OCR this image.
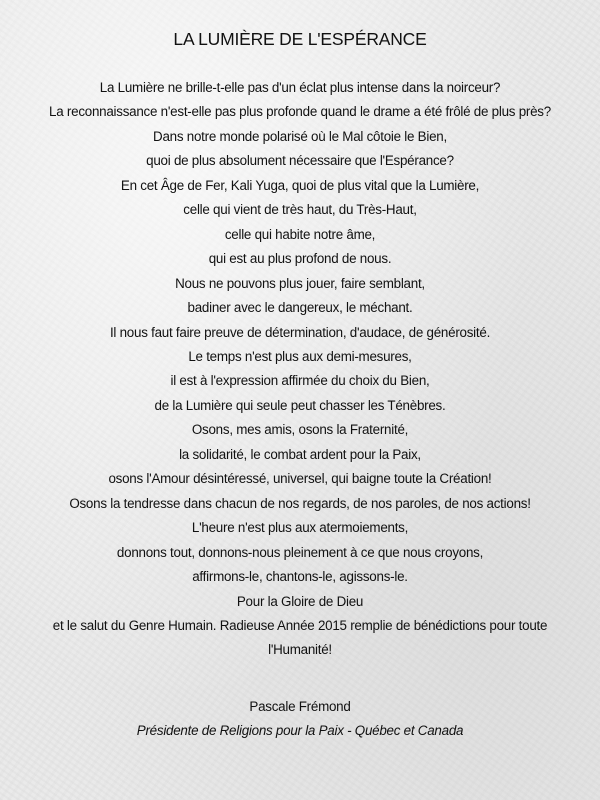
LA LUMIÈRE DE L'ESPÉRANCE
La Lumière ne brille-t-elle pas d'un éclat plus intense dans la noirceur?
La reconnaissance n'est-elle pas plus profonde quand le drame a été frôlé de plus près?
Dans notre monde polarisé où le Mal côtoie le Bien,
quoi de plus absolument nécessaire que l'Espérance?
En cet Âge de Fer, Kali Yuga, quoi de plus vital que la Lumière,
celle qui vient de très haut, du Très-Haut,
celle qui habite notre âme,
qui est au plus profond de nous.
Nous ne pouvons plus jouer, faire semblant,
badiner avec le dangereux, le méchant.
Il nous faut faire preuve de détermination, d'audace, de générosité.
Le temps n'est plus aux demi-mesures,
il est à l'expression affirmée du choix du Bien,
de la Lumière qui seule peut chasser les Ténèbres.
Osons, mes amis, osons la Fraternité,
la solidarité, le combat ardent pour la Paix,
osons l'Amour désintéressé, universel, qui baigne toute la Création!
Osons la tendresse dans chacun de nos regards, de nos paroles, de nos actions!
L'heure n'est plus aux atermoiements,
donnons tout, donnons-nous pleinement à ce que nous croyons,
affirmons-le, chantons-le, agissons-le.
Pour la Gloire de Dieu
et le salut du Genre Humain. Radieuse Année 2015 remplie de bénédictions pour toute
l'Humanité!
Pascale Frémond
Présidente de Religions pour la Paix - Québec et Canada
